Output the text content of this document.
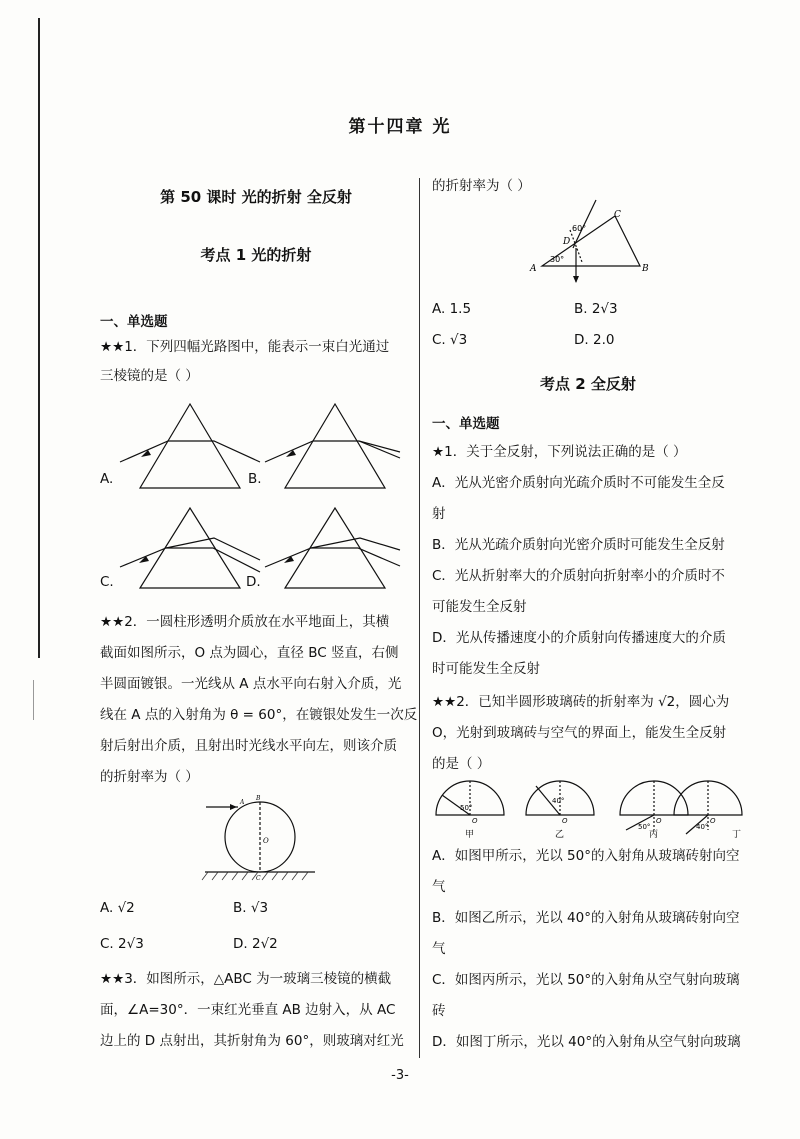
第十四章 光
第 50 课时 光的折射 全反射
考点 1 光的折射
一、单选题
★★1．下列四幅光路图中，能表示一束白光通过
三棱镜的是（ ）
A.	B.
C.	D.
★★2．一圆柱形透明介质放在水平地面上，其横
截面如图所示，O 点为圆心，直径 BC 竖直，右侧
半圆面镀银。一光线从 A 点水平向右射入介质，光
线在 A 点的入射角为 θ = 60°，在镀银处发生一次反
射后射出介质，且射出时光线水平向左，则该介质
的折射率为（ ）
A
B
O
C
A. √2	B. √3
C. 2√3	D. 2√2
★★3．如图所示，△ABC 为一玻璃三棱镜的横截
面，∠A=30°．一束红光垂直 AB 边射入，从 AC
边上的 D 点射出，其折射角为 60°，则玻璃对红光
的折射率为（ ）
60°
30°
A	B
C
D
A. 1.5	B. 2√3
C. √3	D. 2.0
考点 2 全反射
一、单选题
★1．关于全反射，下列说法正确的是（ ）
A．光从光密介质射向光疏介质时不可能发生全反
射
B．光从光疏介质射向光密介质时可能发生全反射
C．光从折射率大的介质射向折射率小的介质时不
可能发生全反射
D．光从传播速度小的介质射向传播速度大的介质
时可能发生全反射
★★2．已知半圆形玻璃砖的折射率为 √2，圆心为
O，光射到玻璃砖与空气的界面上，能发生全反射
的是（ ）
50°
40°
50°	40°
O	O	O	O
甲	乙	丙	丁
A．如图甲所示，光以 50°的入射角从玻璃砖射向空
气
B．如图乙所示，光以 40°的入射角从玻璃砖射向空
气
C．如图丙所示，光以 50°的入射角从空气射向玻璃
砖
D．如图丁所示，光以 40°的入射角从空气射向玻璃
-3-
